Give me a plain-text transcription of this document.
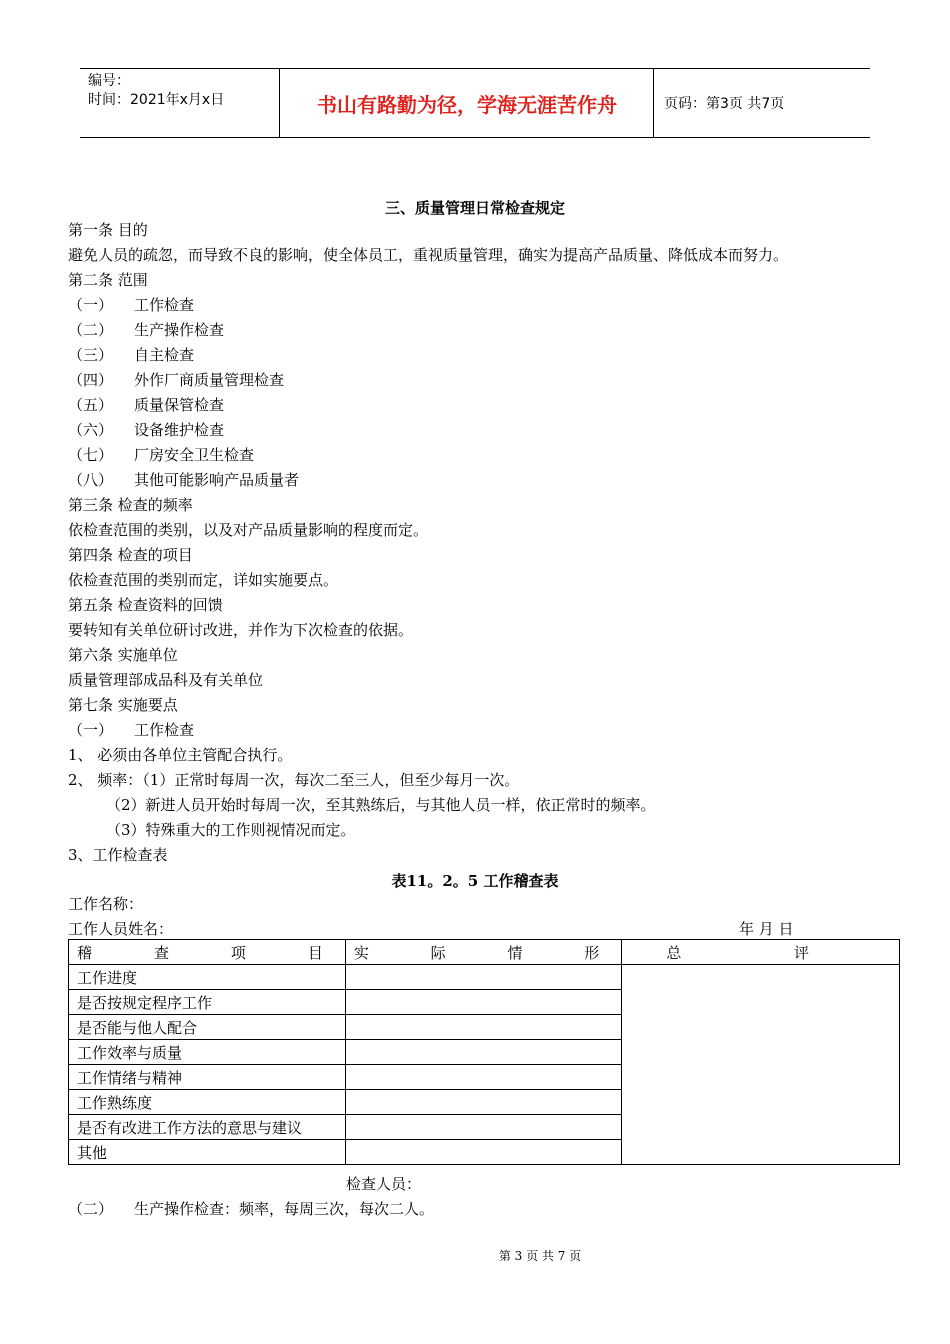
编号：
时间：2021年x月x日	书山有路勤为径，学海无涯苦作舟	页码：第3页 共7页
三、质量管理日常检查规定
第一条 目的
避免人员的疏忽，而导致不良的影响，使全体员工，重视质量管理，确实为提高产品质量、降低成本而努力。
第二条 范围
（一） 工作检查
（二） 生产操作检查
（三） 自主检查
（四） 外作厂商质量管理检查
（五） 质量保管检查
（六） 设备维护检查
（七） 厂房安全卫生检查
（八） 其他可能影响产品质量者
第三条 检查的频率
依检查范围的类别，以及对产品质量影响的程度而定。
第四条 检查的项目
依检查范围的类别而定，详如实施要点。
第五条 检查资料的回馈
要转知有关单位研讨改进，并作为下次检查的依据。
第六条 实施单位
质量管理部成品科及有关单位
第七条 实施要点
（一） 工作检查
1、 必须由各单位主管配合执行。
2、 频率：（1）正常时每周一次，每次二至三人，但至少每月一次。
（2）新进人员开始时每周一次，至其熟练后，与其他人员一样，依正常时的频率。
（3）特殊重大的工作则视情况而定。
3、工作检查表
表11。2。5 工作稽查表
工作名称：
工作人员姓名：	年 月 日
稽 查 项 目	实 际 情 形	总 评

工作进度		
是否按规定程序工作		
是否能与他人配合		
工作效率与质量		
工作情绪与精神		
工作熟练度		
是否有改进工作方法的意思与建议		
其他		
检查人员：
（二） 生产操作检查：频率，每周三次，每次二人。
第 3 页 共 7 页
